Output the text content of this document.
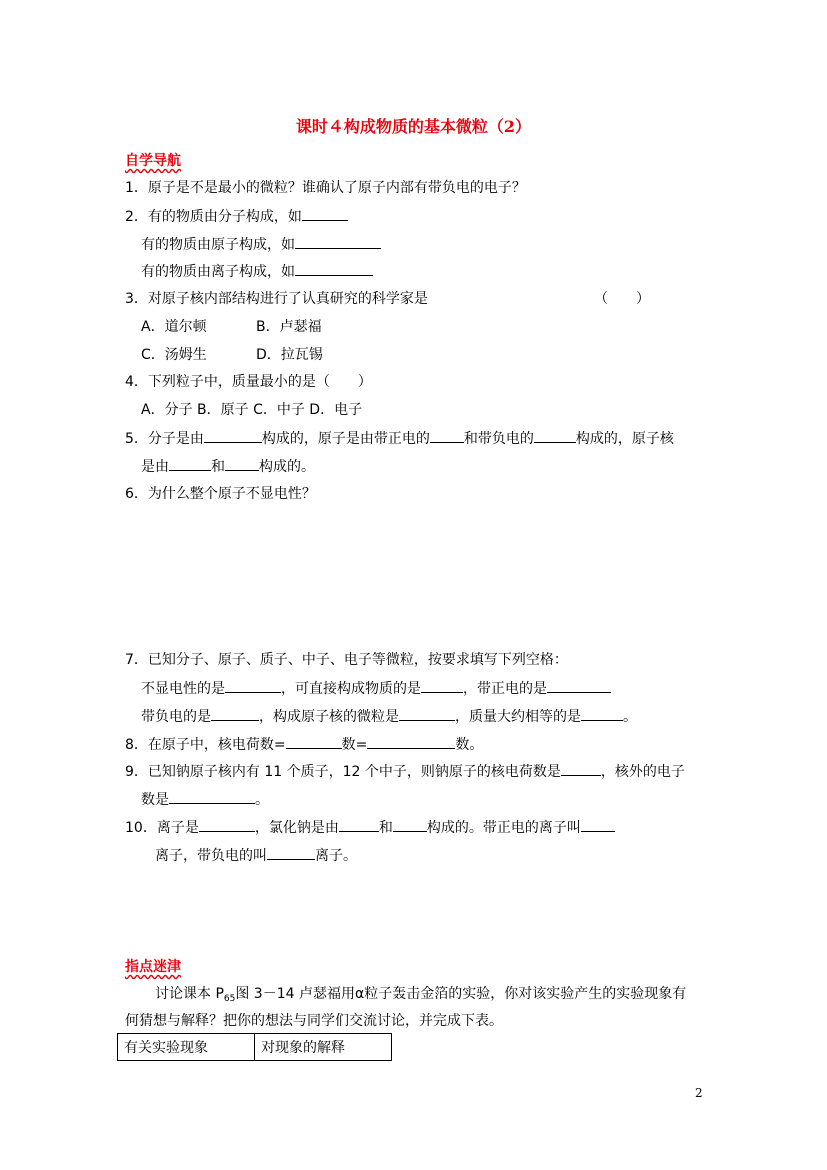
课时４构成物质的基本微粒（2）
自学导航
1．原子是不是最小的微粒？谁确认了原子内部有带负电的电子？
2．有的物质由分子构成，如
有的物质由原子构成，如
有的物质由离子构成，如
3．对原子核内部结构进行了认真研究的科学家是	（　　）
A．道尔顿	B．卢瑟福
C．汤姆生	D．拉瓦锡
4．下列粒子中，质量最小的是（　　）
A．分子 B．原子 C．中子 D．电子
5．分子是由	构成的，原子是由带正电的 和带负电的	构成的，原子核
是由	和 构成的。
6．为什么整个原子不显电性？
7．已知分子、原子、质子、中子、电子等微粒，按要求填写下列空格：
不显电性的是	，可直接构成物质的是	，带正电的是
带负电的是	，构成原子核的微粒是	，质量大约相等的是	。
8．在原子中，核电荷数=	数=	数。
9．已知钠原子核内有 11 个质子，12 个中子，则钠原子的核电荷数是	，核外的电子
数是	。
10．离子是	，氯化钠是由	和 构成的。带正电的离子叫
离子，带负电的叫	离子。
指点迷津
讨论课本 $P_{65}$图 3－14 卢瑟福用α粒子轰击金箔的实验，你对该实验产生的实验现象有
何猜想与解释？把你的想法与同学们交流讨论，并完成下表。
有关实验现象	对现象的解释
2
